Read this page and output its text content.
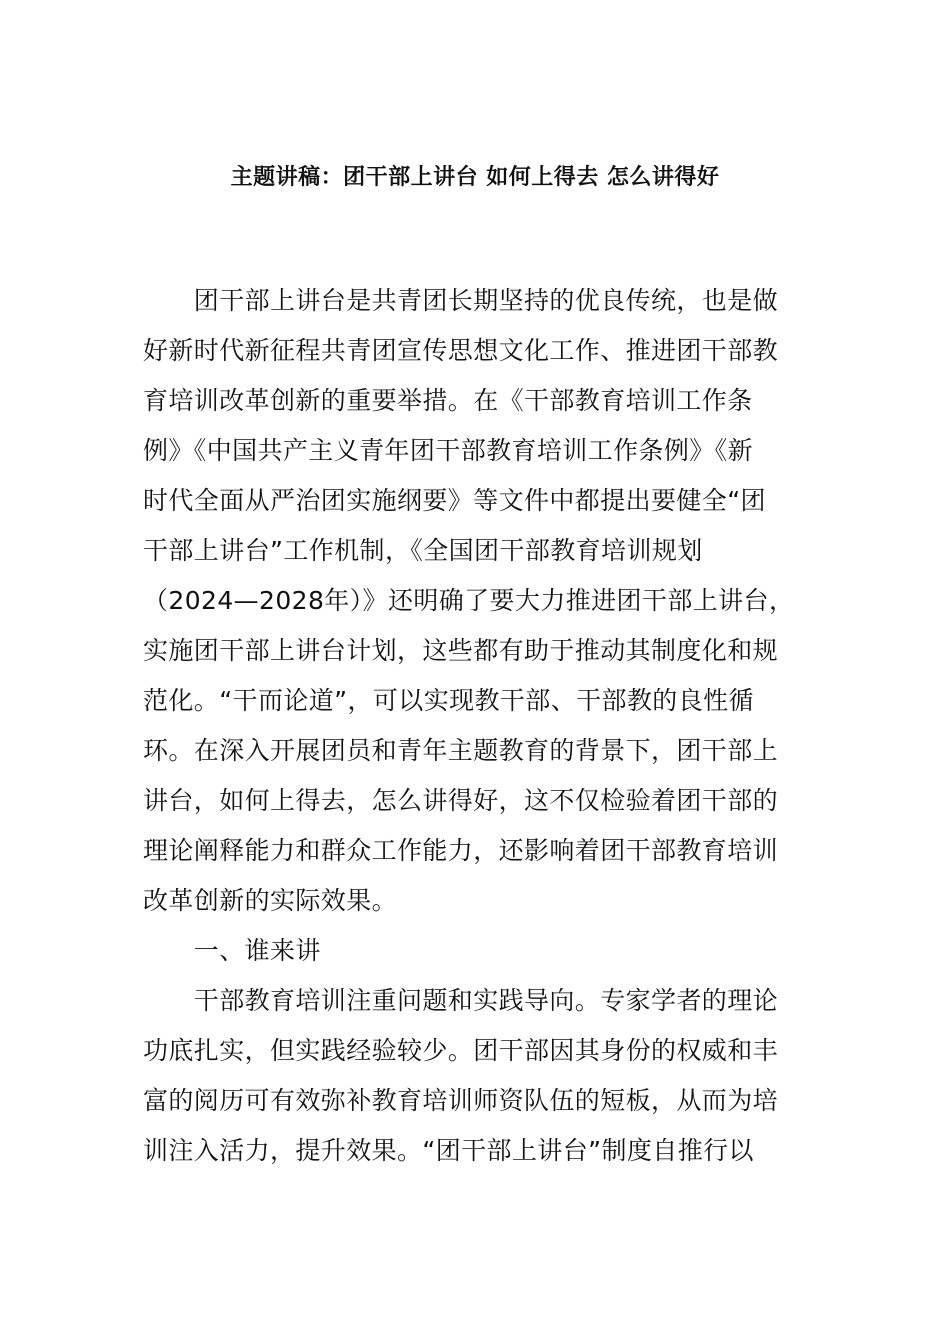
主题讲稿：团干部上讲台 如何上得去 怎么讲得好
　　团干部上讲台是共青团长期坚持的优良传统，也是做
好新时代新征程共青团宣传思想文化工作、推进团干部教
育培训改革创新的重要举措。在《干部教育培训工作条
例》《中国共产主义青年团干部教育培训工作条例》《新
时代全面从严治团实施纲要》等文件中都提出要健全“团
干部上讲台”工作机制，《全国团干部教育培训规划
（2024—2028年）》还明确了要大力推进团干部上讲台，
实施团干部上讲台计划，这些都有助于推动其制度化和规
范化。“干而论道”，可以实现教干部、干部教的良性循
环。在深入开展团员和青年主题教育的背景下，团干部上
讲台，如何上得去，怎么讲得好，这不仅检验着团干部的
理论阐释能力和群众工作能力，还影响着团干部教育培训
改革创新的实际效果。
　　一、谁来讲
　　干部教育培训注重问题和实践导向。专家学者的理论
功底扎实，但实践经验较少。团干部因其身份的权威和丰
富的阅历可有效弥补教育培训师资队伍的短板，从而为培
训注入活力，提升效果。“团干部上讲台”制度自推行以
